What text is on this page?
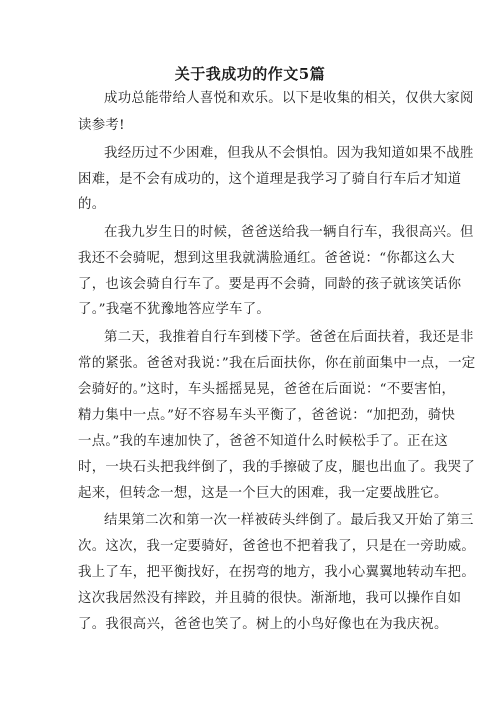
关于我成功的作文5篇
成功总能带给人喜悦和欢乐。以下是收集的相关，仅供大家阅
读参考!
我经历过不少困难，但我从不会惧怕。因为我知道如果不战胜
困难，是不会有成功的，这个道理是我学习了骑自行车后才知道
的。
在我九岁生日的时候，爸爸送给我一辆自行车，我很高兴。但
我还不会骑呢，想到这里我就满脸通红。爸爸说：“你都这么大
了，也该会骑自行车了。要是再不会骑，同龄的孩子就该笑话你
了。”我毫不犹豫地答应学车了。
第二天，我推着自行车到楼下学。爸爸在后面扶着，我还是非
常的紧张。爸爸对我说：”我在后面扶你，你在前面集中一点，一定
会骑好的。”这时，车头摇摇晃晃，爸爸在后面说：“不要害怕，
精力集中一点。”好不容易车头平衡了，爸爸说：“加把劲，骑快
一点。”我的车速加快了，爸爸不知道什么时候松手了。正在这
时，一块石头把我绊倒了，我的手擦破了皮，腿也出血了。我哭了
起来，但转念一想，这是一个巨大的困难，我一定要战胜它。
结果第二次和第一次一样被砖头绊倒了。最后我又开始了第三
次。这次，我一定要骑好，爸爸也不把着我了，只是在一旁助威。
我上了车，把平衡找好，在拐弯的地方，我小心翼翼地转动车把。
这次我居然没有摔跤，并且骑的很快。渐渐地，我可以操作自如
了。我很高兴，爸爸也笑了。树上的小鸟好像也在为我庆祝。
